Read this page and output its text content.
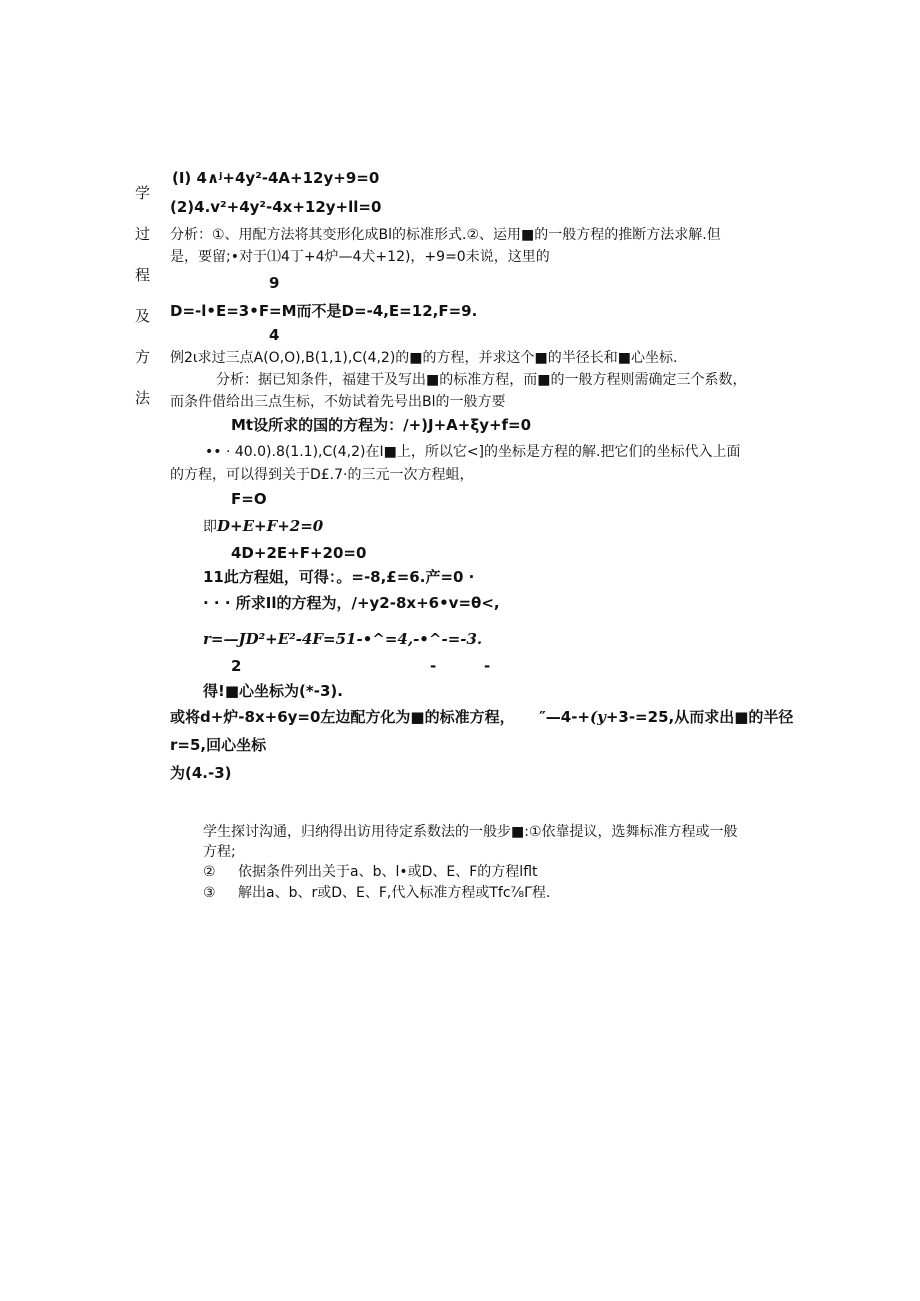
学
过
程
及
方
法
(I) 4∧ʲ+4y²-4A+12y+9=0
(2)4.v²+4y²-4x+12y+ll=0
分析：①、用配方法将其变形化成Bl的标准形式.②、运用■的一般方程的推断方法求解.但
是，要留;•对于⑴4丁+4炉—4犬+12)，+9=0未说，这里的
9
D=-l•E=3•F=M而不是D=-4,E=12,F=9.
4
例2ι求过三点A(O,O),B(1,1),C(4,2)的■的方程，并求这个■的半径长和■心坐标.
分析：据已知条件，福建干及写出■的标准方程，而■的一般方程则需确定三个系数，
而条件借给出三点生标，不妨试着先号出Bl的一般方要
Mt设所求的国的方程为：/+)J+A+ξy+f=0
•• · 40.0).8(1.1),C(4,2)在I■上，所以它<]的坐标是方程的解.把它们的坐标代入上面
的方程，可以得到关于D£.7·的三元一次方程蛆，
F=O
即D+E+F+2=0
4D+2E+F+20=0
11此方程姐，可得：。=-8,£=6.产=0 ·
· · · 所求Il的方程为，/+y2-8x+6•v=θ<,
r=—JD²+E²-4F=51-•^=4,-•^-=-3.
2	-	-
得!■心坐标为(*-3).
或将d+炉-8x+6y=0左边配方化为■的标准方程， ″—4-+(y+3-=25,从而求出■的半径
r=5,回心坐标
为(4.-3)
学生探讨沟通，归纳得出访用待定系数法的一般步■:①依靠提议，选舞标准方程或一般
方程;
② 依据条件列出关于a、b、l•或D、E、F的方程lflt
③ 解出a、b、r或D、E、F,代入标准方程或Tfc⅞Γ程.
